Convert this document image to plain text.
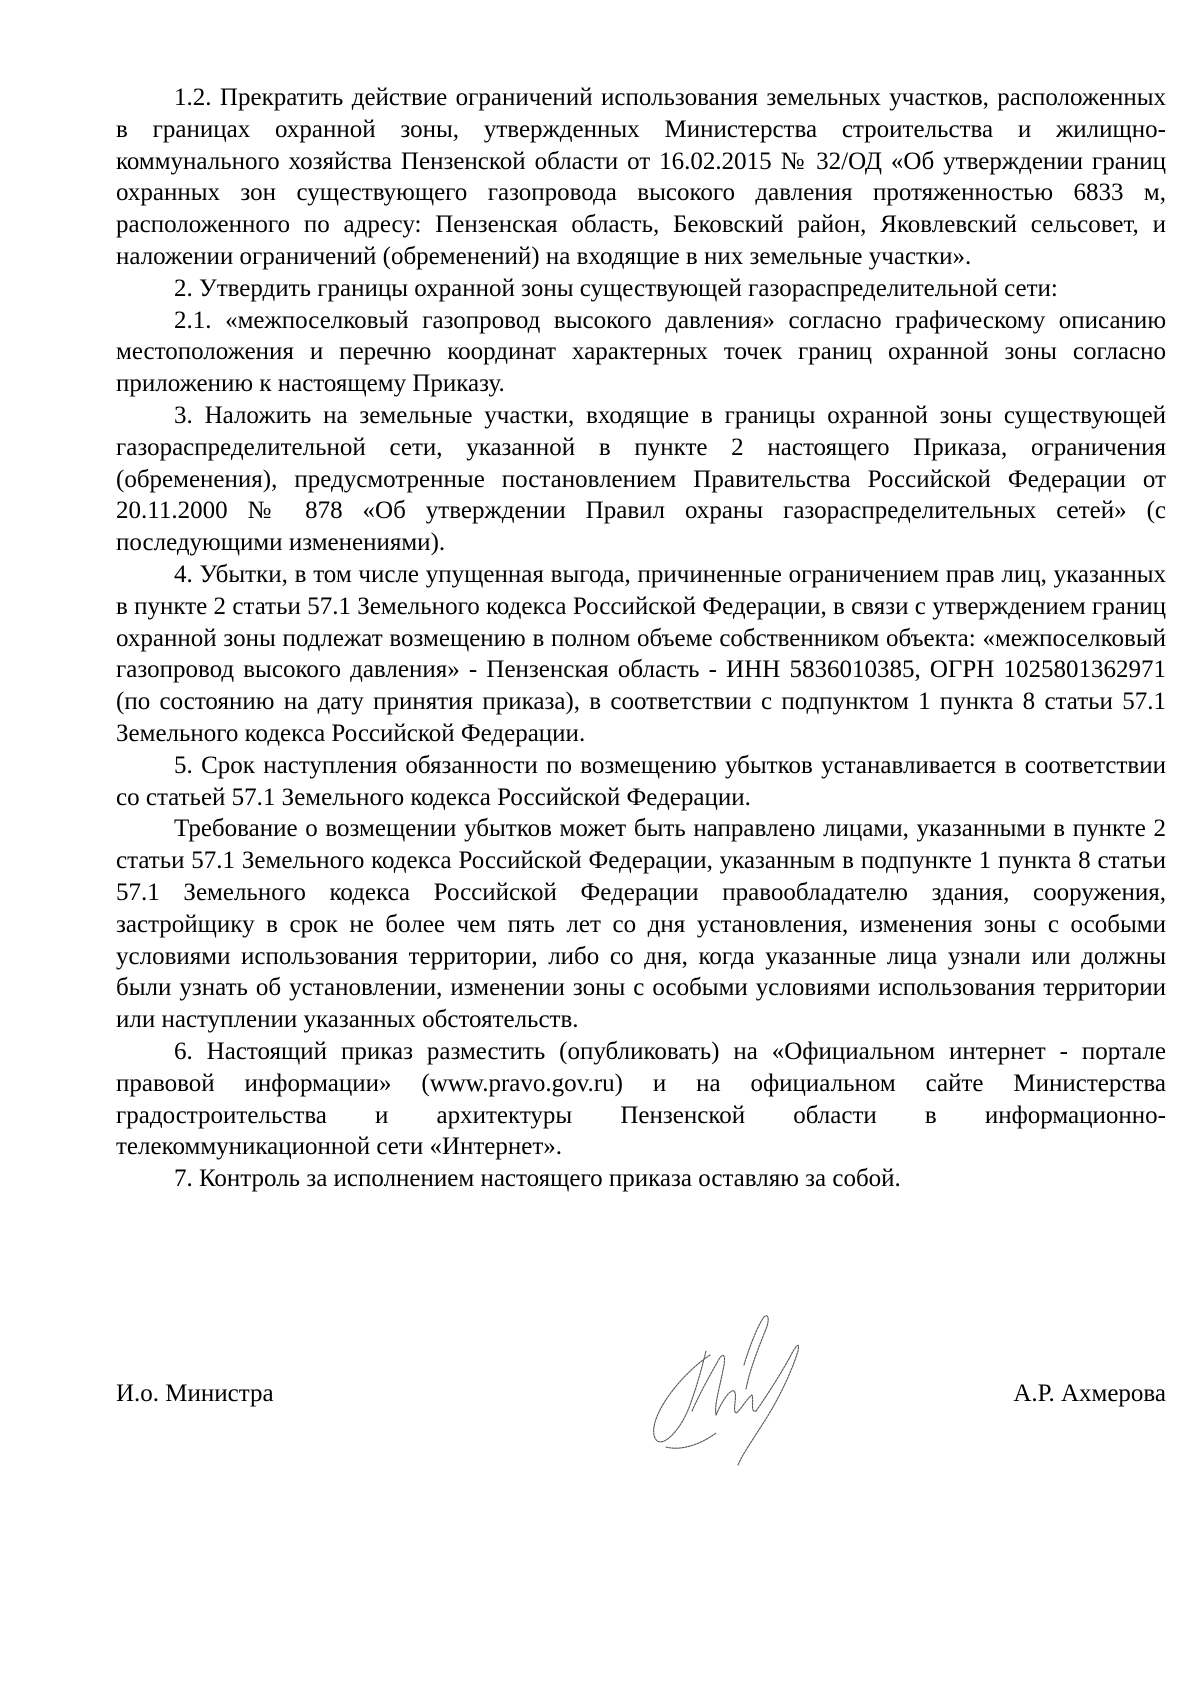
1.2. Прекратить действие ограничений использования земельных участков, расположенных в границах охранной зоны, утвержденных Министерства строительства и жилищно-коммунального хозяйства Пензенской области от 16.02.2015 № 32/ОД «Об утверждении границ охранных зон существующего газопровода высокого давления протяженностью 6833 м, расположенного по адресу: Пензенская область, Бековский район, Яковлевский сельсовет, и наложении ограничений (обременений) на входящие в них земельные участки».

2. Утвердить границы охранной зоны существующей газораспределительной сети:

2.1. «межпоселковый газопровод высокого давления» согласно графическому описанию местоположения и перечню координат характерных точек границ охранной зоны согласно приложению к настоящему Приказу.

3. Наложить на земельные участки, входящие в границы охранной зоны существующей газораспределительной сети, указанной в пункте 2 настоящего Приказа, ограничения (обременения), предусмотренные постановлением Правительства Российской Федерации от 20.11.2000 № 878 «Об утверждении Правил охраны газораспределительных сетей» (с последующими изменениями).

4. Убытки, в том числе упущенная выгода, причиненные ограничением прав лиц, указанных в пункте 2 статьи 57.1 Земельного кодекса Российской Федерации, в связи с утверждением границ охранной зоны подлежат возмещению в полном объеме собственником объекта: «межпоселковый газопровод высокого давления» - Пензенская область - ИНН 5836010385, ОГРН 1025801362971 (по состоянию на дату принятия приказа), в соответствии с подпунктом 1 пункта 8 статьи 57.1 Земельного кодекса Российской Федерации.

5. Срок наступления обязанности по возмещению убытков устанавливается в соответствии со статьей 57.1 Земельного кодекса Российской Федерации.

Требование о возмещении убытков может быть направлено лицами, указанными в пункте 2 статьи 57.1 Земельного кодекса Российской Федерации, указанным в подпункте 1 пункта 8 статьи 57.1 Земельного кодекса Российской Федерации правообладателю здания, сооружения, застройщику в срок не более чем пять лет со дня установления, изменения зоны с особыми условиями использования территории, либо со дня, когда указанные лица узнали или должны были узнать об установлении, изменении зоны с особыми условиями использования территории или наступлении указанных обстоятельств.

6. Настоящий приказ разместить (опубликовать) на «Официальном интернет - портале правовой информации» (www.pravo.gov.ru) и на официальном сайте Министерства градостроительства и архитектуры Пензенской области в информационно-телекоммуникационной сети «Интернет».

7. Контроль за исполнением настоящего приказа оставляю за собой.

И.о. Министра	А.Р. Ахмерова
